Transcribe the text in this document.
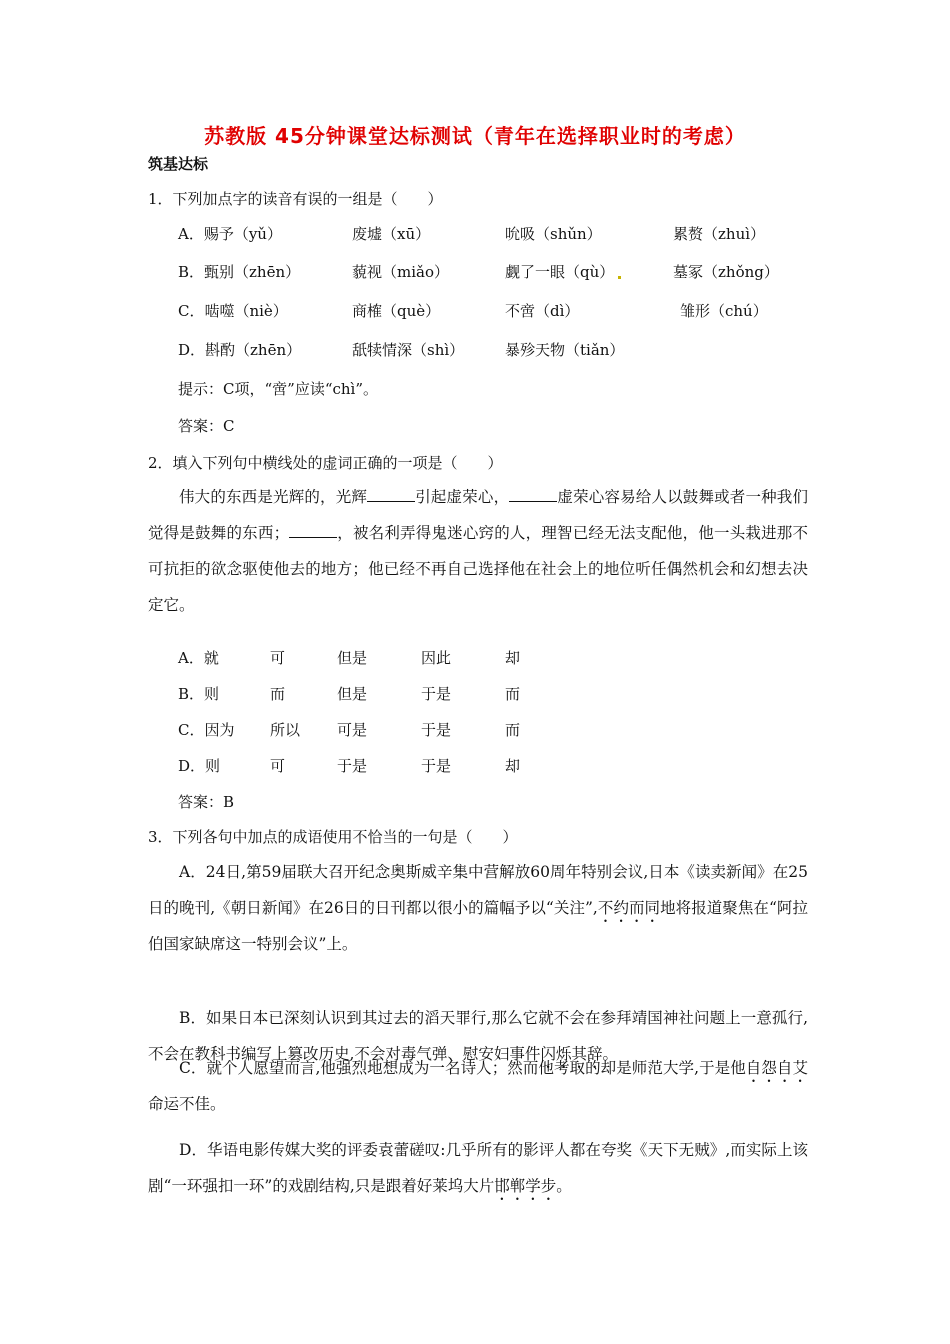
苏教版 45分钟课堂达标测试（青年在选择职业时的考虑）
筑基达标
1．下列加点字的读音有误的一组是（　　）
A．赐予（yǔ）	废墟（xū）	吮吸（shǔn）	累赘（zhuì）
B．甄别（zhēn）	藐视（miǎo）	觑了一眼（qù）	墓冢（zhǒng）
C．啮噬（niè）	商榷（què）	不啻（dì）	雏形（chú）
D．斟酌（zhēn）	舐犊情深（shì）	暴殄天物（tiǎn）
提示：C项，“啻”应读“chì”。
答案：C
2．填入下列句中横线处的虚词正确的一项是（　　）
伟大的东西是光辉的，光辉	引起虚荣心，	虚荣心容易给人以鼓舞或者一种我们觉得是鼓舞的东西；	，被名利弄得鬼迷心窍的人，理智已经无法支配他，他一头栽进那不可抗拒的欲念驱使他去的地方；他已经不再自己选择他在社会上的地位听任偶然机会和幻想去决定它。
A．就	可	但是	因此	却
B．则	而	但是	于是	而
C．因为 所以 可是	于是	而
D．则	可	于是	于是	却
答案：B
3．下列各句中加点的成语使用不恰当的一句是（　　）
A．24日,第59届联大召开纪念奥斯威辛集中营解放60周年特别会议,日本《读卖新闻》在25日的晚刊,《朝日新闻》在26日的日刊都以很小的篇幅予以“关注”,不约而同地将报道聚焦在“阿拉伯国家缺席这一特别会议”上。
B．如果日本已深刻认识到其过去的滔天罪行,那么它就不会在参拜靖国神社问题上一意孤行,不会在教科书编写上篡改历史,不会对毒气弹、慰安妇事件闪烁其辞。
C．就个人愿望而言,他强烈地想成为一名诗人；然而他考取的却是师范大学,于是他自怨自艾命运不佳。
D．华语电影传媒大奖的评委袁蕾磋叹:几乎所有的影评人都在夸奖《天下无贼》,而实际上该剧“一环强扣一环”的戏剧结构,只是跟着好莱坞大片邯郸学步。
